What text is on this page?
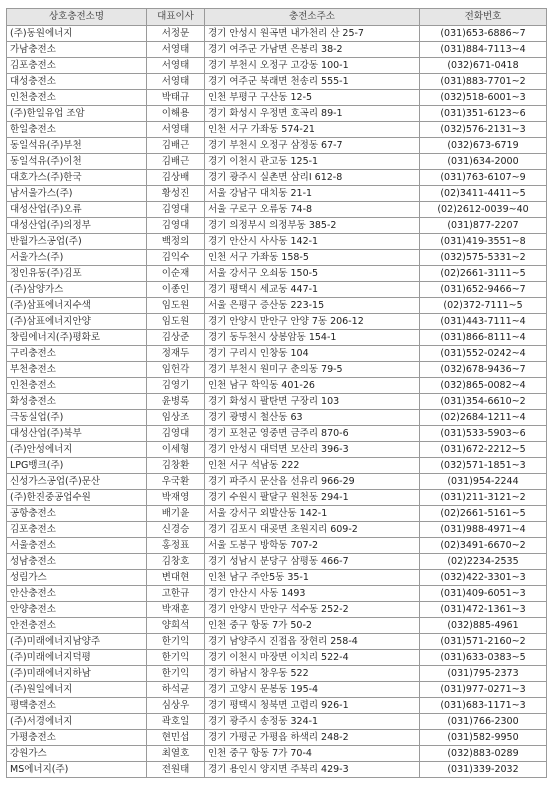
상호충전소명	대표이사	충전소주소	전화번호
(주)동원에너지	서정문	경기 안성시 원곡면 내가천리 산 25-7	(031)653-6886~7
가남충전소	서영태	경기 여주군 가남면 은봉리 38-2	(031)884-7113~4
김포충전소	서영태	경기 부천시 오정구 고강동 100-1	(032)671-0418
대성충전소	서영태	경기 여주군 북래면 천송리 555-1	(031)883-7701~2
인천충전소	박태규	인천 부평구 구산동 12-5	(032)518-6001~3
(주)한일유업 조암	이해용	경기 화성시 우정면 호곡리 89-1	(031)351-6123~6
한일충전소	서영태	인천 서구 가좌동 574-21	(032)576-2131~3
동일석유(주)부천	김배근	경기 부천시 오정구 삼정동 67-7	(032)673-6719
동일석유(주)이천	김배근	경기 이천시 관고동 125-1	(031)634-2000
대호가스(주)한국	김상배	경기 광주시 실촌면 삼리I 612-8	(031)763-6107~9
남서울가스(주)	황성진	서울 강남구 대치동 21-1	(02)3411-4411~5
대성산업(주)오류	김영대	서울 구로구 오류동 74-8	(02)2612-0039~40
대성산업(주)의정부	김영대	경기 의정부시 의정부동 385-2	(031)877-2207
반월가스공업(주)	백정의	경기 안산시 사사동 142-1	(031)419-3551~8
서울가스(주)	김익수	인천 서구 가좌동 158-5	(032)575-5331~2
정인유동(주)김포	이순재	서울 강서구 오쇠동 150-5	(02)2661-3111~5
(주)삼양가스	이종인	경기 평택시 세교동 447-1	(031)652-9466~7
(주)삼표에너지수색	임도원	서울 은평구 증산동 223-15	(02)372-7111~5
(주)삼표에너지안양	임도원	경기 안양시 만안구 안양 7동 206-12	(031)443-7111~4
창림에너지(주)평화로	김상준	경기 동두천시 상봉암동 154-1	(031)866-8111~4
구리충전소	정재두	경기 구리시 인창동 104	(031)552-0242~4
부천충전소	임헌각	경기 부천시 원미구 춘의동 79-5	(032)678-9436~7
인천충전소	김영기	인천 남구 학익동 401-26	(032)865-0082~4
화성충전소	윤병록	경기 화성시 팔탄면 구장리 103	(031)354-6610~2
극동실업(주)	임상조	경기 광명시 철산동 63	(02)2684-1211~4
대성산업(주)북부	김영대	경기 포천군 영중면 금주리 870-6	(031)533-5903~6
(주)안성에너지	이세형	경기 안성시 대덕면 모산리 396-3	(031)672-2212~5
LPG뱅크(주)	김창환	인천 서구 석남동 222	(032)571-1851~3
신성가스공업(주)문산	우국환	경기 파주시 문산읍 선유리 966-29	(031)954-2244
(주)한진중공업수원	박재영	경기 수원시 팔달구 원천동 294-1	(031)211-3121~2
공항충전소	배기윤	서울 강서구 외발산동 142-1	(02)2661-5161~5
김포충전소	신경승	경기 김포시 대곶면 초원지리 609-2	(031)988-4971~4
서울충전소	홍정표	서울 도봉구 방학동 707-2	(02)3491-6670~2
성남충전소	김창호	경기 성남시 분당구 삼평동 466-7	(02)2234-2535
성림가스	변대현	인천 남구 주안5동 35-1	(032)422-3301~3
안산충전소	고한규	경기 안산시 사동 1493	(031)409-6051~3
안양충전소	박재훈	경기 안양시 만안구 석수동 252-2	(031)472-1361~3
안전충전소	양희석	인천 중구 항동 7가 50-2	(032)885-4961
(주)미래에너지남양주	한기익	경기 남양주시 진접읍 장현리 258-4	(031)571-2160~2
(주)미래에너지덕평	한기익	경기 이천시 마장면 이치리 522-4	(031)633-0383~5
(주)미래에너지하남	한기익	경기 하남시 창우동 522	(031)795-2373
(주)원일에너지	하석균	경기 고양시 문봉동 195-4	(031)977-0271~3
평택충전소	심상우	경기 평택시 청북면 고렴리 926-1	(031)683-1171~3
(주)서경에너지	곽호일	경기 광주시 송정동 324-1	(031)766-2300
가평충전소	현민섭	경기 가평군 가평읍 하색리 248-2	(031)582-9950
강원가스	최열호	인천 중구 항동 7가 70-4	(032)883-0289
MS에너지(주)	전원태	경기 용인시 양지면 주북리 429-3	(031)339-2032
